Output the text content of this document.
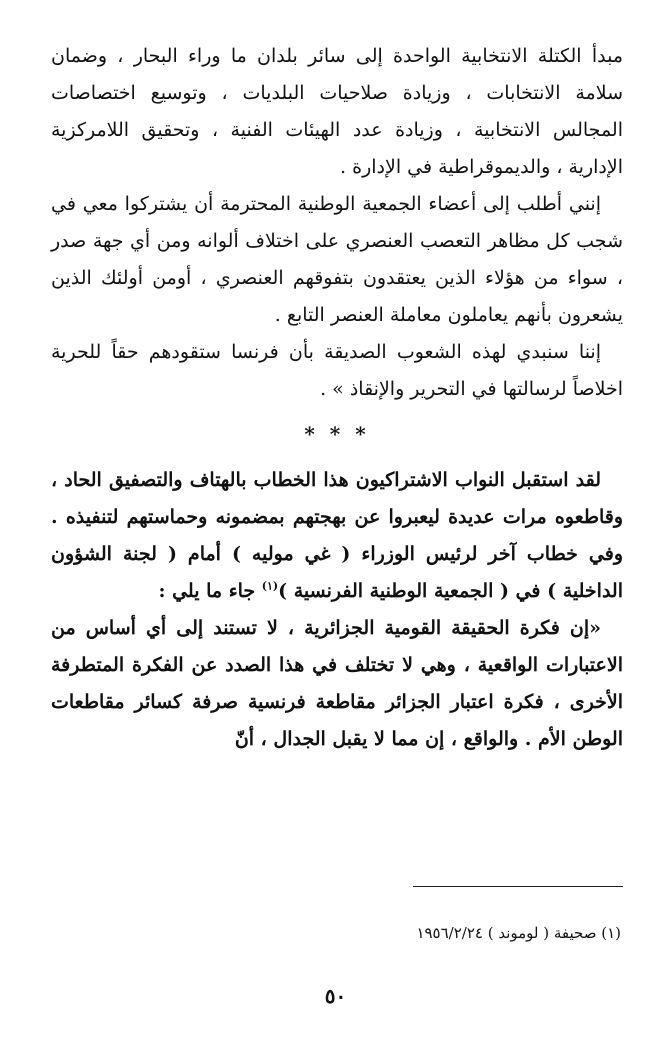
مبدأ الكتلة الانتخابية الواحدة إلى سائر بلدان ما وراء البحار ، وضمان سلامة الانتخابات ، وزيادة صلاحيات البلديات ، وتوسيع اختصاصات المجالس الانتخابية ، وزيادة عدد الهيئات الفنية ، وتحقيق اللامركزية الإدارية ، والديموقراطية في الإدارة .

إنني أطلب إلى أعضاء الجمعية الوطنية المحترمة أن يشتركوا معي في شجب كل مظاهر التعصب العنصري على اختلاف ألوانه ومن أي جهة صدر ، سواء من هؤلاء الذين يعتقدون بتفوقهم العنصري ، أومن أولئك الذين يشعرون بأنهم يعاملون معاملة العنصر التابع .

إننا سنبدي لهذه الشعوب الصديقة بأن فرنسا ستقودهم حقاً للحرية اخلاصاً لرسالتها في التحرير والإنقاذ » .

* * *

لقد استقبل النواب الاشتراكيون هذا الخطاب بالهتاف والتصفيق الحاد ، وقاطعوه مرات عديدة ليعبروا عن بهجتهم بمضمونه وحماستهم لتنفيذه . وفي خطاب آخر لرئيس الوزراء ( غي موليه ) أمام ( لجنة الشؤون الداخلية ) في ( الجمعية الوطنية الفرنسية )$^{(١)}$ جاء ما يلي :

«إن فكرة الحقيقة القومية الجزائرية ، لا تستند إلى أي أساس من الاعتبارات الواقعية ، وهي لا تختلف في هذا الصدد عن الفكرة المتطرفة الأخرى ، فكرة اعتبار الجزائر مقاطعة فرنسية صرفة كسائر مقاطعات الوطن الأم . والواقع ، إن مما لا يقبل الجدال ، أنّ

(١) صحيفة ( لوموند ) ١٩٥٦/٢/٢٤
٥٠
